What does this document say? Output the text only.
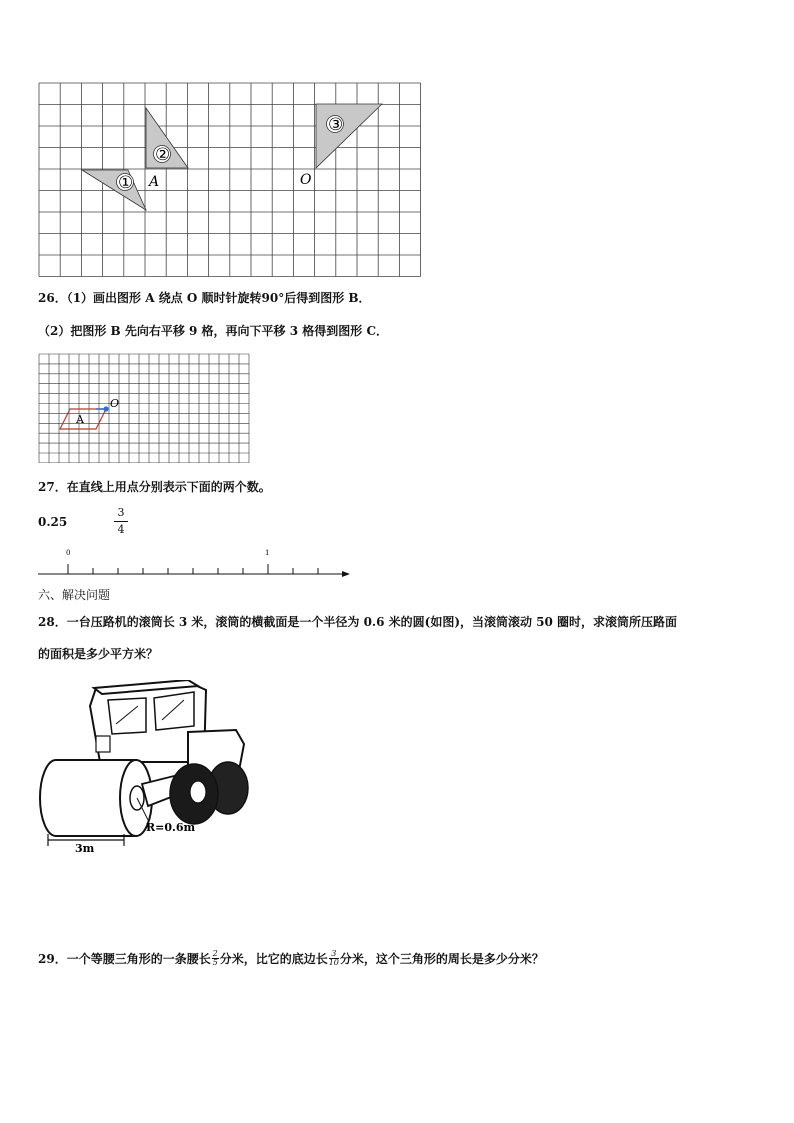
①
②
③
A	O
26．（1）画出图形 A 绕点 O 顺时针旋转90°后得到图形 B．
（2）把图形 B 先向右平移 9 格，再向下平移 3 格得到图形 C．
A
O
27．在直线上用点分别表示下面的两个数。
0.25
3
4
0	1
六、解决问题
28．一台压路机的滚筒长 3 米，滚筒的横截面是一个半径为 0.6 米的圆(如图)，当滚筒滚动 50 圈时，求滚筒所压路面
的面积是多少平方米？
R=0.6m
3m
29．一个等腰三角形的一条腰长 2
5 分米，比它的底边长 3
10 分米，这个三角形的周长是多少分米？
